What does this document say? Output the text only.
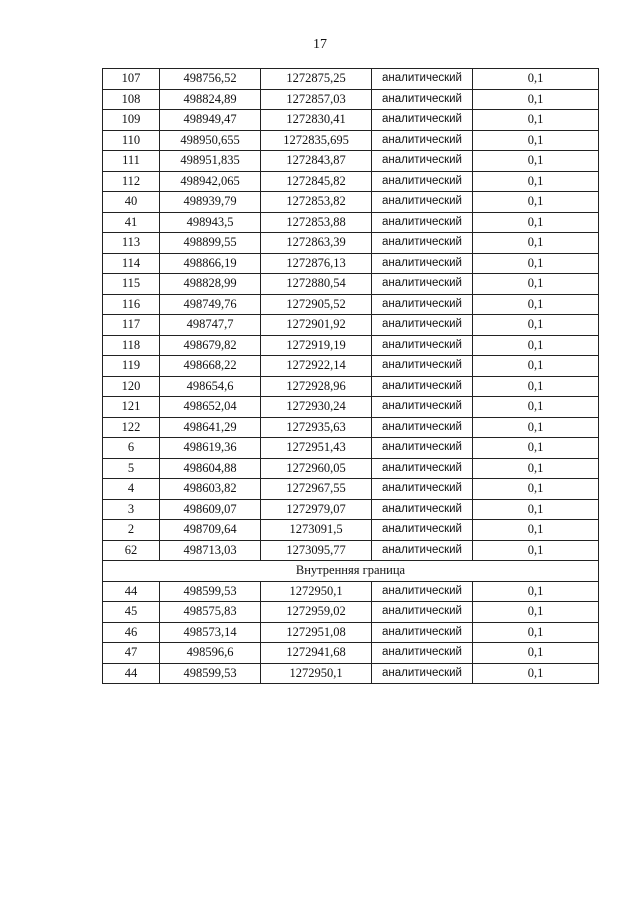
17
107	498756,52	1272875,25	аналитический	0,1
108	498824,89	1272857,03	аналитический	0,1
109	498949,47	1272830,41	аналитический	0,1
110	498950,655	1272835,695	аналитический	0,1
111	498951,835	1272843,87	аналитический	0,1
112	498942,065	1272845,82	аналитический	0,1
40	498939,79	1272853,82	аналитический	0,1
41	498943,5	1272853,88	аналитический	0,1
113	498899,55	1272863,39	аналитический	0,1
114	498866,19	1272876,13	аналитический	0,1
115	498828,99	1272880,54	аналитический	0,1
116	498749,76	1272905,52	аналитический	0,1
117	498747,7	1272901,92	аналитический	0,1
118	498679,82	1272919,19	аналитический	0,1
119	498668,22	1272922,14	аналитический	0,1
120	498654,6	1272928,96	аналитический	0,1
121	498652,04	1272930,24	аналитический	0,1
122	498641,29	1272935,63	аналитический	0,1
6	498619,36	1272951,43	аналитический	0,1
5	498604,88	1272960,05	аналитический	0,1
4	498603,82	1272967,55	аналитический	0,1
3	498609,07	1272979,07	аналитический	0,1
2	498709,64	1273091,5	аналитический	0,1
62	498713,03	1273095,77	аналитический	0,1
Внутренняя граница				
44	498599,53	1272950,1	аналитический	0,1
45	498575,83	1272959,02	аналитический	0,1
46	498573,14	1272951,08	аналитический	0,1
47	498596,6	1272941,68	аналитический	0,1
44	498599,53	1272950,1	аналитический	0,1
